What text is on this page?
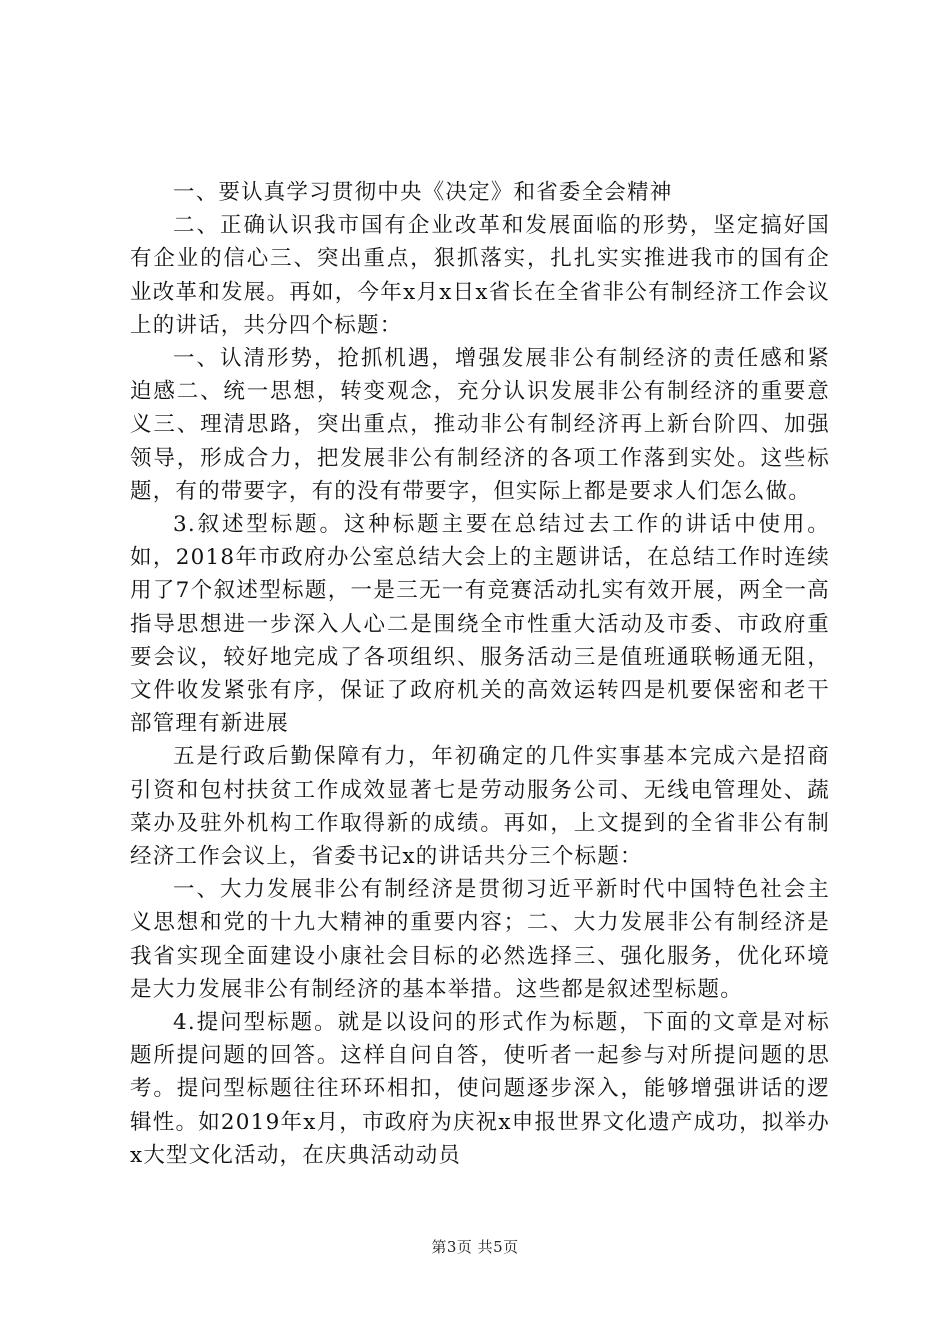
一、要认真学习贯彻中央《决定》和省委全会精神

二、正确认识我市国有企业改革和发展面临的形势，坚定搞好国有企业的信心三、突出重点，狠抓落实，扎扎实实推进我市的国有企业改革和发展。再如，今年x月x日x省长在全省非公有制经济工作会议上的讲话，共分四个标题：

一、认清形势，抢抓机遇，增强发展非公有制经济的责任感和紧迫感二、统一思想，转变观念，充分认识发展非公有制经济的重要意义三、理清思路，突出重点，推动非公有制经济再上新台阶四、加强领导，形成合力，把发展非公有制经济的各项工作落到实处。这些标题，有的带要字，有的没有带要字，但实际上都是要求人们怎么做。

3.叙述型标题。这种标题主要在总结过去工作的讲话中使用。如，2018年市政府办公室总结大会上的主题讲话，在总结工作时连续用了7个叙述型标题，一是三无一有竞赛活动扎实有效开展，两全一高指导思想进一步深入人心二是围绕全市性重大活动及市委、市政府重要会议，较好地完成了各项组织、服务活动三是值班通联畅通无阻，文件收发紧张有序，保证了政府机关的高效运转四是机要保密和老干部管理有新进展

五是行政后勤保障有力，年初确定的几件实事基本完成六是招商引资和包村扶贫工作成效显著七是劳动服务公司、无线电管理处、蔬菜办及驻外机构工作取得新的成绩。再如，上文提到的全省非公有制经济工作会议上，省委书记x的讲话共分三个标题：

一、大力发展非公有制经济是贯彻习近平新时代中国特色社会主义思想和党的十九大精神的重要内容；二、大力发展非公有制经济是我省实现全面建设小康社会目标的必然选择三、强化服务，优化环境是大力发展非公有制经济的基本举措。这些都是叙述型标题。

4.提问型标题。就是以设问的形式作为标题，下面的文章是对标题所提问题的回答。这样自问自答，使听者一起参与对所提问题的思考。提问型标题往往环环相扣，使问题逐步深入，能够增强讲话的逻辑性。如2019年x月，市政府为庆祝x申报世界文化遗产成功，拟举办x大型文化活动，在庆典活动动员

第3页 共5页
